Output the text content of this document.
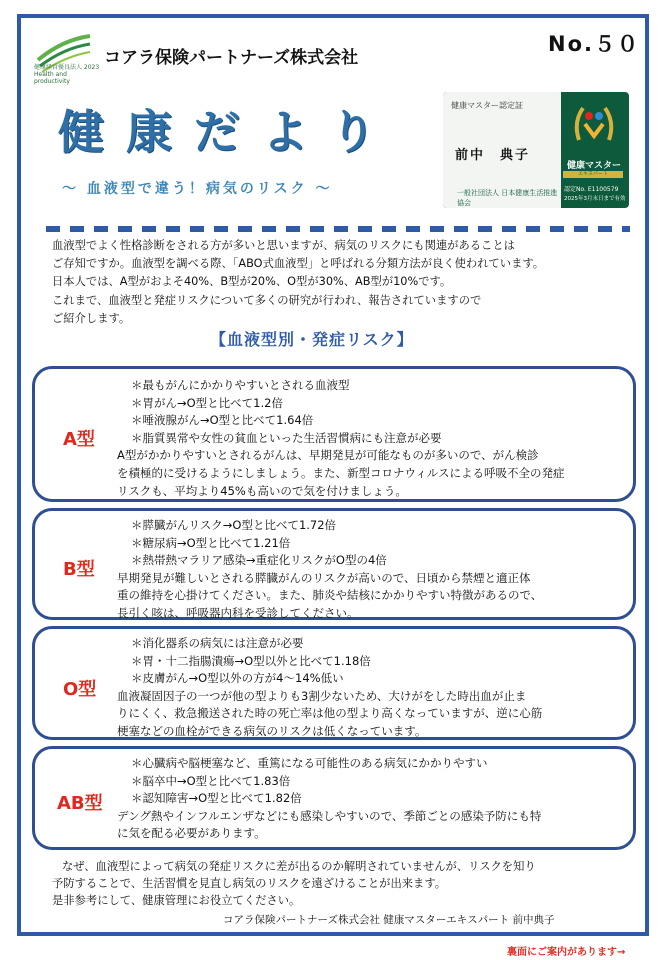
健康経営優良法人 2023 Health and productivity
コアラ保険パートナーズ株式会社
No.５０
健康だより
～ 血液型で違う！病気のリスク ～
健康マスター認定証
前中　典子
一般社団法人 日本健康生活推進協会
健康マスター
エキスパート
認定No. E1100579
2025年3月末日まで有効

血液型でよく性格診断をされる方が多いと思いますが、病気のリスクにも関連があることは

ご存知ですか。血液型を調べる際、「ABO式血液型」と呼ばれる分類方法が良く使われています。

日本人では、A型がおよそ40%、B型が20%、O型が30%、AB型が10%です。

これまで、血液型と発症リスクについて多くの研究が行われ、報告されていますので

ご紹介します。

【血液型別・発症リスク】
A型

＊最もがんにかかりやすいとされる血液型

＊胃がん→O型と比べて1.2倍

＊唾液腺がん→O型と比べて1.64倍

＊脂質異常や女性の貧血といった生活習慣病にも注意が必要

A型がかかりやすいとされるがんは、早期発見が可能なものが多いので、がん検診

を積極的に受けるようにしましょう。また、新型コロナウィルスによる呼吸不全の発症

リスクも、平均より45%も高いので気を付けましょう。

B型

＊膵臓がんリスク→O型と比べて1.72倍

＊糖尿病→O型と比べて1.21倍

＊熱帯熱マラリア感染→重症化リスクがO型の4倍

早期発見が難しいとされる膵臓がんのリスクが高いので、日頃から禁煙と適正体

重の維持を心掛けてください。また、肺炎や結核にかかりやすい特徴があるので、

長引く咳は、呼吸器内科を受診してください。

O型

＊消化器系の病気には注意が必要

＊胃・十二指腸潰瘍→O型以外と比べて1.18倍

＊皮膚がん→O型以外の方が4～14%低い

血液凝固因子の一つが他の型よりも3割少ないため、大けがをした時出血が止ま

りにくく、救急搬送された時の死亡率は他の型より高くなっていますが、逆に心筋

梗塞などの血栓ができる病気のリスクは低くなっています。

AB型

＊心臓病や脳梗塞など、重篤になる可能性のある病気にかかりやすい

＊脳卒中→O型と比べて1.83倍

＊認知障害→O型と比べて1.82倍

デング熱やインフルエンザなどにも感染しやすいので、季節ごとの感染予防にも特

に気を配る必要があります。

なぜ、血液型によって病気の発症リスクに差が出るのか解明されていませんが、リスクを知り

予防することで、生活習慣を見直し病気のリスクを遠ざけることが出来ます。

是非参考にして、健康管理にお役立てください。

コアラ保険パートナーズ株式会社 健康マスターエキスパート 前中典子
裏面にご案内があります→
